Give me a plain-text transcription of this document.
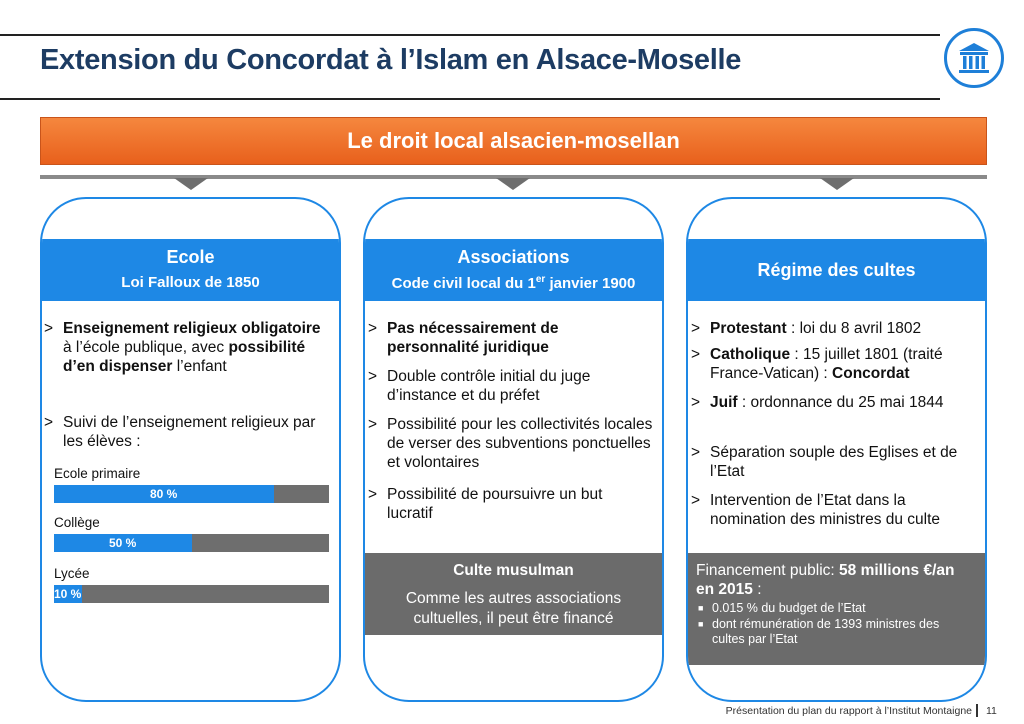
Extension du Concordat à l’Islam en Alsace-Moselle
Le droit local alsacien-mosellan
Ecole
Loi Falloux de 1850
> Enseignement religieux obligatoire à l’école publique, avec possibilité d’en dispenser l’enfant
> Suivi de l’enseignement religieux par les élèves :
Ecole primaire
80 %
Collège
50 %
Lycée
10 %
Associations
Code civil local du 1er janvier 1900
> Pas nécessairement de personnalité juridique
> Double contrôle initial du juge d’instance et du préfet
> Possibilité pour les collectivités locales de verser des subventions ponctuelles et volontaires
> Possibilité de poursuivre un but lucratif
Culte musulman
Comme les autres associations cultuelles, il peut être financé
Régime des cultes
> Protestant : loi du 8 avril 1802
> Catholique : 15 juillet 1801 (traité France-Vatican) : Concordat
> Juif : ordonnance du 25 mai 1844
> Séparation souple des Eglises et de l’Etat
> Intervention de l’Etat dans la nomination des ministres du culte
Financement public: 58 millions €/an en 2015 :
■ 0.015 % du budget de l’Etat
■ dont rémunération de 1393 ministres des cultes par l’Etat
Présentation du plan du rapport à l’Institut Montaigne 11
